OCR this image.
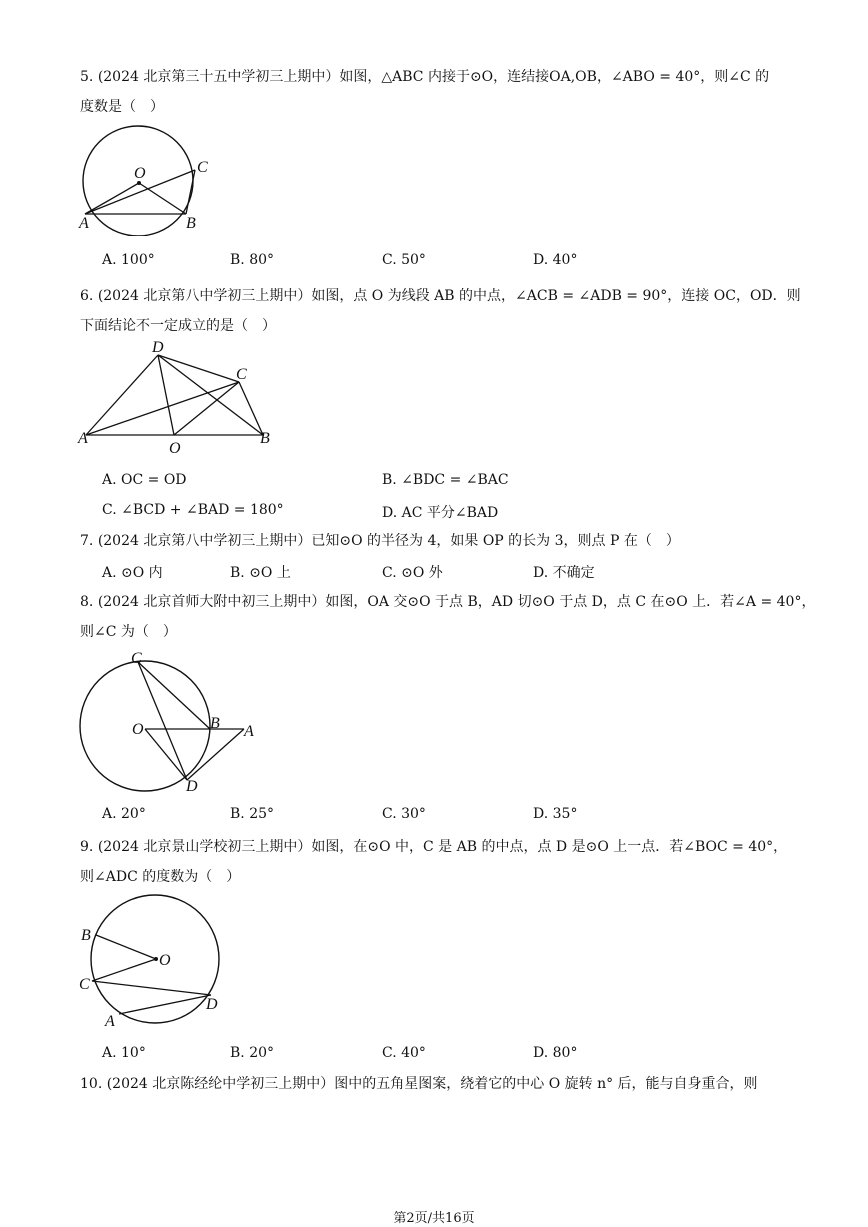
5. (2024 北京第三十五中学初三上期中）如图，△ABC 内接于⊙O，连结接OA,OB，∠ABO = 40°，则∠C 的
度数是（　）
O	C
A	B
A. 100°	B. 80°	C. 50°	D. 40°
6. (2024 北京第八中学初三上期中）如图，点 O 为线段 AB 的中点，∠ACB = ∠ADB = 90°，连接 OC，OD．则
下面结论不一定成立的是（　）
D
C
A
O
B
A. OC = OD	B. ∠BDC = ∠BAC
C. ∠BCD + ∠BAD = 180°	D. AC 平分∠BAD
7. (2024 北京第八中学初三上期中）已知⊙O 的半径为 4，如果 OP 的长为 3，则点 P 在（　）
A. ⊙O 内	B. ⊙O 上	C. ⊙O 外	D. 不确定
8. (2024 北京首师大附中初三上期中）如图，OA 交⊙O 于点 B，AD 切⊙O 于点 D，点 C 在⊙O 上．若∠A = 40°，
则∠C 为（　）
C
O	B A
D
A. 20°	B. 25°	C. 30°	D. 35°
9. (2024 北京景山学校初三上期中）如图，在⊙O 中，C 是 AB 的中点，点 D 是⊙O 上一点．若∠BOC = 40°，
则∠ADC 的度数为（　）
B
O
C
D
A
A. 10°	B. 20°	C. 40°	D. 80°
10. (2024 北京陈经纶中学初三上期中）图中的五角星图案，绕着它的中心 O 旋转 n° 后，能与自身重合，则
第2页/共16页
